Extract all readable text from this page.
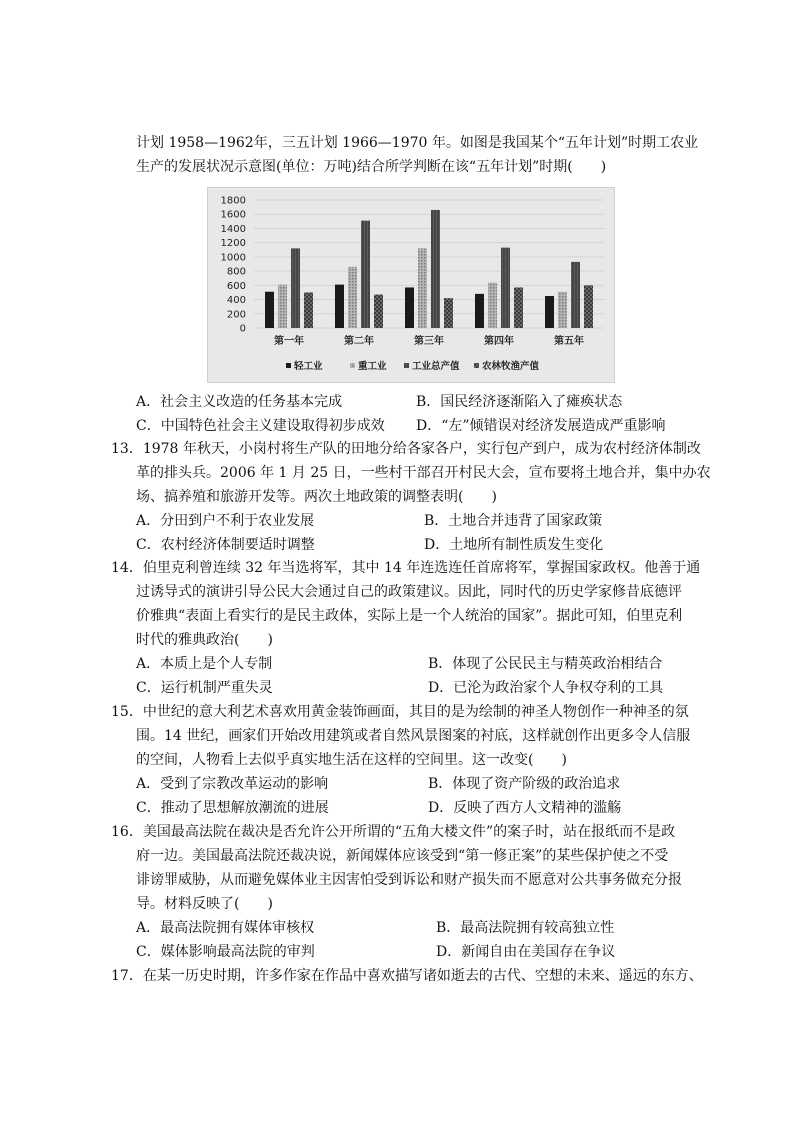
计划 1958—1962年，三五计划 1966—1970 年。如图是我国某个“五年计划”时期工农业
生产的发展状况示意图(单位：万吨)结合所学判断在该“五年计划”时期(　　)
1800
1600
1400
1200
1000
800
600
400
200
0
第一年	第二年	第三年	第四年	第五年
轻工业	重工业	工业总产值 农林牧渔产值
A．社会主义改造的任务基本完成	B．国民经济逐渐陷入了瘫痪状态
C．中国特色社会主义建设取得初步成效 D．“左”倾错误对经济发展造成严重影响
13．1978 年秋天，小岗村将生产队的田地分给各家各户，实行包产到户，成为农村经济体制改
革的排头兵。2006 年 1 月 25 日，一些村干部召开村民大会，宣布要将土地合并，集中办农
场、搞养殖和旅游开发等。两次土地政策的调整表明(　　)
A．分田到户不利于农业发展	B．土地合并违背了国家政策
C．农村经济体制要适时调整	D．土地所有制性质发生变化
14．伯里克利曾连续 32 年当选将军，其中 14 年连选连任首席将军，掌握国家政权。他善于通
过诱导式的演讲引导公民大会通过自己的政策建议。因此，同时代的历史学家修昔底德评
价雅典“表面上看实行的是民主政体，实际上是一个人统治的国家”。据此可知，伯里克利
时代的雅典政治(　　)
A．本质上是个人专制	B．体现了公民民主与精英政治相结合
C．运行机制严重失灵	D．已沦为政治家个人争权夺利的工具
15．中世纪的意大利艺术喜欢用黄金装饰画面，其目的是为绘制的神圣人物创作一种神圣的氛
围。14 世纪，画家们开始改用建筑或者自然风景图案的衬底，这样就创作出更多令人信服
的空间，人物看上去似乎真实地生活在这样的空间里。这一改变(　　)
A．受到了宗教改革运动的影响	B．体现了资产阶级的政治追求
C．推动了思想解放潮流的进展	D．反映了西方人文精神的滥觞
16．美国最高法院在裁决是否允许公开所谓的“五角大楼文件”的案子时，站在报纸而不是政
府一边。美国最高法院还裁决说，新闻媒体应该受到“第一修正案”的某些保护使之不受
诽谤罪威胁，从而避免媒体业主因害怕受到诉讼和财产损失而不愿意对公共事务做充分报
导。材料反映了(　　)
A．最高法院拥有媒体审核权	B．最高法院拥有较高独立性
C．媒体影响最高法院的审判	D．新闻自由在美国存在争议
17．在某一历史时期，许多作家在作品中喜欢描写诸如逝去的古代、空想的未来、遥远的东方、
